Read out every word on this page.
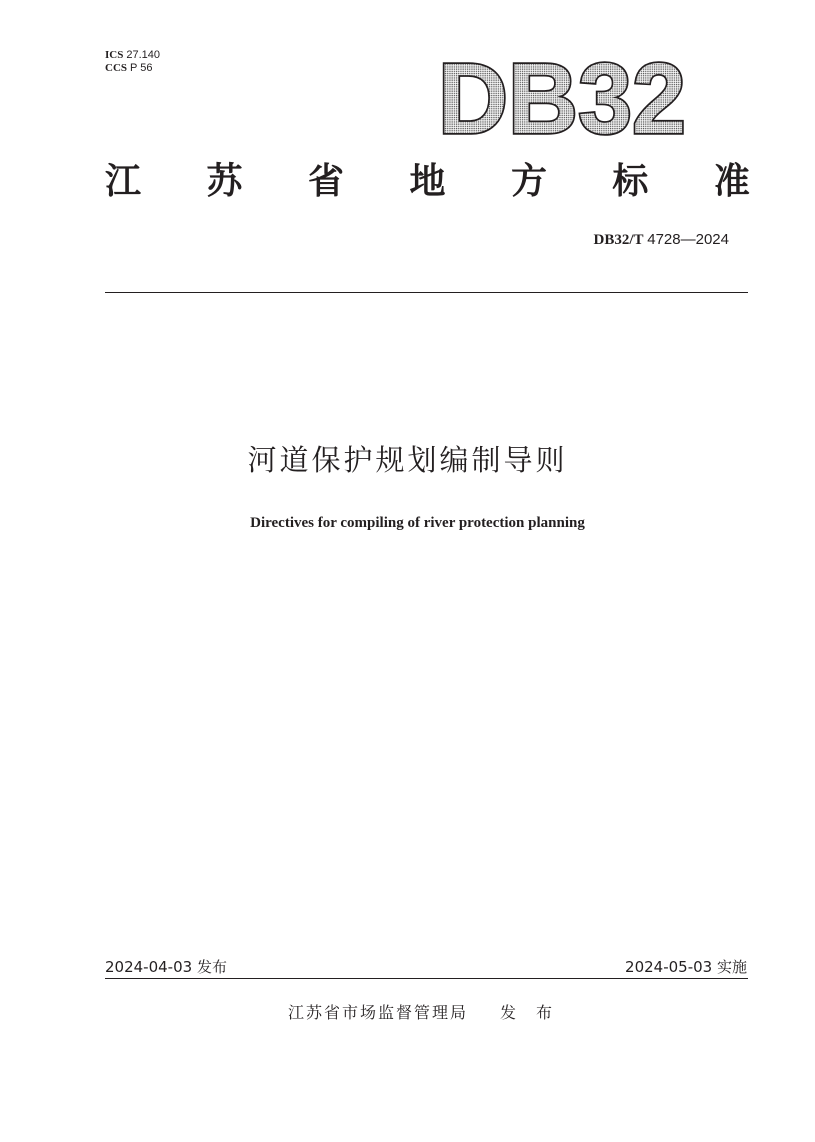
ICS 27.140
CCS P 56	DB32
江 苏 省 地 方 标 准
DB32/T 4728—2024
河道保护规划编制导则
Directives for compiling of river protection planning
2024-04-03 发布	2024-05-03 实施
江苏省市场监督管理局 发布
